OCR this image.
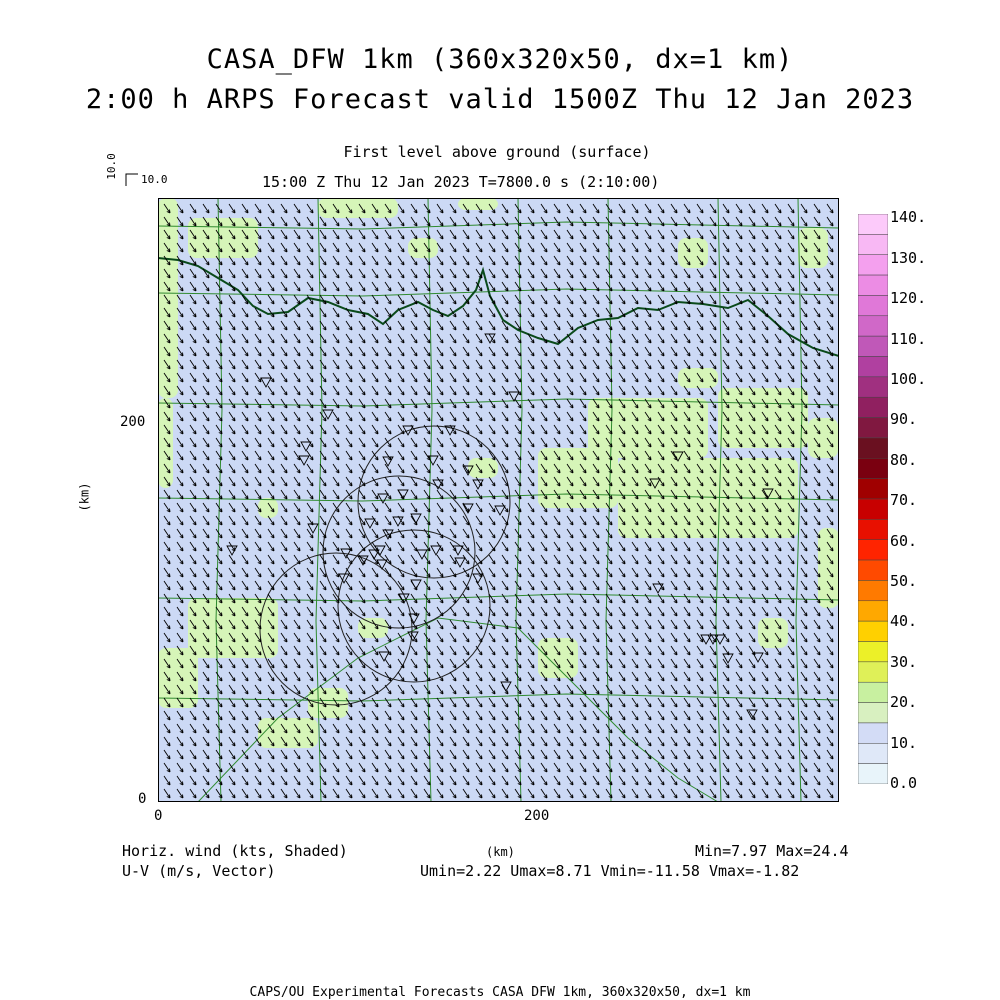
CASA_DFW 1km (360x320x50, dx=1 km)
2:00 h ARPS Forecast valid 1500Z Thu 12 Jan 2023
First level above ground (surface)
15:00 Z Thu 12 Jan 2023 T=7800.0 s (2:10:00)
10.0 10.0
200
0
0	200
(km)
(km)
0.0
10.
20.
30.
40.
50.
60.
70.
80.
90.
100.
110.
120.
130.
140.
Horiz. wind (kts, Shaded)
U-V (m/s, Vector)
Min=7.97 Max=24.4
Umin=2.22 Umax=8.71 Vmin=-11.58 Vmax=-1.82
CAPS/OU Experimental Forecasts CASA DFW 1km, 360x320x50, dx=1 km
